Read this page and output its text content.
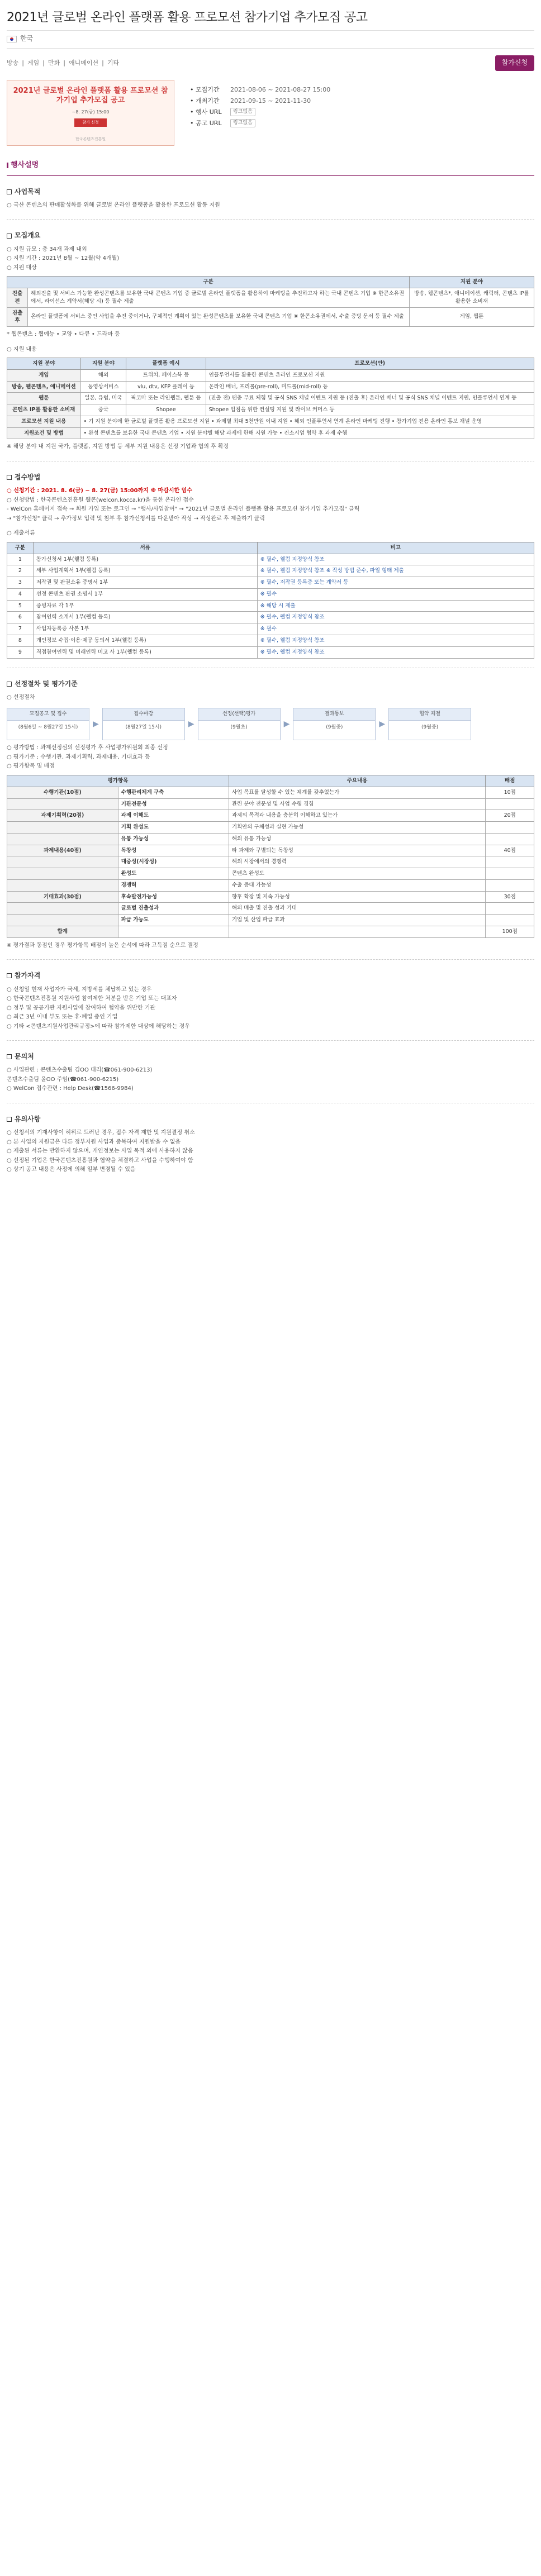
2021년 글로벌 온라인 플랫폼 활용 프로모션 참가기업 추가모집 공고
한국
방송 | 게임 | 만화 | 애니메이션 | 기타	참가신청
2021년 글로벌 온라인 플랫폼 활용 프로모션 참가기업 추가모집 공고
~8. 27(금) 15:00
참가 신청
한국콘텐츠진흥원
• 모집기간	2021-08-06 ~ 2021-08-27 15:00
• 개최기간	2021-09-15 ~ 2021-11-30
• 행사 URL	링크없음
• 공고 URL	링크없음
행사설명
사업목적
○ 국산 콘텐츠의 판매활성화를 위해 글로벌 온라인 플랫폼을 활용한 프로모션 활동 지원
모집개요
○ 지원 규모 : 총 34개 과제 내외
○ 지원 기간 : 2021년 8월 ~ 12월(약 4개월)
○ 지원 대상
구분		지원 분야
진출 전	해외진출 및 서비스 가능한 완성콘텐츠를 보유한 국내 콘텐츠 기업 중 글로벌 온라인 플랫폼을 활용하여 마케팅을 추진하고자 하는 국내 콘텐츠 기업 ※ 한콘소유권에서, 라이선스 계약서(해당 시) 등 필수 제출	방송, 웹콘텐츠*, 애니메이션, 캐릭터, 콘텐츠 IP를 활용한 소비재
진출 후	온라인 플랫폼에 서비스 중인 사업을 추진 중이거나, 구체적인 계획이 있는 완성콘텐츠를 보유한 국내 콘텐츠 기업 ※ 한콘소유권에서, 수출 증빙 문서 등 필수 제출	게임, 웹툰
* 웹콘텐츠 : 웹예능 • 교양 • 다큐 • 드라마 등
○ 지원 내용
지원 분야	지원 분야	플랫폼 예시	프로모션(안)
게임	해외	트위치, 페이스북 등	인플루언서를 활용한 콘텐츠 온라인 프로모션 지원
방송, 웹콘텐츠, 애니메이션	동영상서비스	vlu, dtv, KFP 플레이 등	온라인 배너, 프리롤(pre-roll), 미드롤(mid-roll) 등
웹툰	일본, 유럽, 미국	픽코마 또는 라인웹툰, 웹툰 등	(진출 전) 팬층 무료 체험 및 공식 SNS 채널 이벤트 지원 등 (진출 후) 온라인 배너 및 공식 SNS 채널 이벤트 지원, 인플루언서 연계 등
콘텐츠 IP를 활용한 소비재	중국	Shopee	Shopee 입점을 위한 컨설팅 지원 및 라이브 커머스 등
프로모션 지원 내용	• 기 지원 분야에 한 글로벌 플랫폼 활용 프로모션 지원 • 과제별 최대 5천만원 이내 지원 • 해외 인플루언서 연계 온라인 마케팅 진행 • 참가기업 전용 온라인 홍보 채널 운영		
지원조건 및 방법	• 완성 콘텐츠를 보유한 국내 콘텐츠 기업 • 지원 분야별 해당 과제에 한해 지원 가능 • 컨소시엄 협약 후 과제 수행		
※ 해당 분야 내 지원 국가, 플랫폼, 지원 방법 등 세부 지원 내용은 선정 기업과 협의 후 확정
접수방법
○ 신청기간 : 2021. 8. 6(금) ~ 8. 27(금) 15:00까지 ※ 마감시한 엄수
○ 신청방법 : 한국콘텐츠진흥원 웰콘(welcon.kocca.kr)을 통한 온라인 접수
- WelCon 홈페이지 접속 → 회원 가입 또는 로그인 → "행사/사업참여" → "2021년 글로벌 온라인 플랫폼 활용 프로모션 참가기업 추가모집" 클릭
→ "참가신청" 클릭 → 추가정보 입력 및 첨부 후 참가신청서를 다운받아 작성 → 작성완료 후 제출하기 클릭
○ 제출서류
구분	서류	비고
1	참가신청서 1부(웰컴 등록)	※ 필수, 웰컴 지정양식 참조
2	세부 사업계획서 1부(웰컴 등록)	※ 필수, 웰컴 지정양식 참조 ※ 작성 방법 준수, 파일 형태 제출
3	저작권 및 판권소유 증명서 1부	※ 필수, 저작권 등록증 또는 계약서 등
4	선정 콘텐츠 판권 소명서 1부	※ 필수
5	증빙자료 각 1부	※ 해당 시 제출
6	참여인력 소개서 1부(웰컴 등록)	※ 필수, 웰컴 지정양식 참조
7	사업자등록증 사본 1부	※ 필수
8	개인정보 수집·이용·제공 동의서 1부(웰컴 등록)	※ 필수, 웰컴 지정양식 참조
9	직접참여인력 및 미래인력 미고 사 1부(웰컴 등록)	※ 필수, 웰컴 지정양식 참조
선정절차 및 평가기준
○ 선정절차
모집공고 및 접수
(8월6일 ~ 8월27일 15시)	▶
접수마감
(8월27일 15시)	▶
선정(선택)평가
(9월초)	▶
결과통보
(9월중)	▶
협약 체결
(9월중)
○ 평가방법 : 과제선정심의 선정평가 후 사업평가위원회 최종 선정
○ 평가기준 : 수행기관, 과제기획력, 과제내용, 기대효과 등
○ 평가항목 및 배점
평가항목		주요내용	배점
수행기관(10점)	수행관리체계 구축	사업 목표를 달성할 수 있는 체계를 갖추었는가	10점
	기관전문성	관련 분야 전문성 및 사업 수행 경험	
과제기획력(20점)	과제 이해도	과제의 목적과 내용을 충분히 이해하고 있는가	20점
	기획 완성도	기획안의 구체성과 실현 가능성	
	유통 가능성	해외 유통 가능성	
과제내용(40점)	독창성	타 과제와 구별되는 독창성	40점
	대중성(시장성)	해외 시장에서의 경쟁력	
	완성도	콘텐츠 완성도	
	경쟁력	수출 증대 가능성	
기대효과(30점)	후속발전가능성	향후 확장 및 지속 가능성	30점
	글로벌 진출성과	해외 매출 및 진출 성과 기대	
	파급 가능도	기업 및 산업 파급 효과	
합계			100점
※ 평가결과 동점인 경우 평가항목 배점이 높은 순서에 따라 고득점 순으로 결정
참가자격
○ 신청일 현재 사업자가 국세, 지방세를 체납하고 있는 경우
○ 한국콘텐츠진흥원 지원사업 참여제한 처분을 받은 기업 또는 대표자
○ 정부 및 공공기관 지원사업에 참여하여 협약을 위반한 기관
○ 최근 3년 이내 부도 또는 휴·폐업 중인 기업
○ 기타 <콘텐츠지원사업관리규정>에 따라 참가제한 대상에 해당하는 경우
문의처
○ 사업관련 : 콘텐츠수출팀 김OO 대리(☎061-900-6213)
콘텐츠수출팀 윤OO 주임(☎061-900-6215)
○ WelCon 접수관련 : Help Desk(☎1566-9984)
유의사항
○ 신청서의 기재사항이 허위로 드러난 경우, 접수 자격 제한 및 지원결정 취소
○ 본 사업의 지원금은 다른 정부지원 사업과 중복하여 지원받을 수 없음
○ 제출된 서류는 반환하지 않으며, 개인정보는 사업 목적 외에 사용하지 않음
○ 선정된 기업은 한국콘텐츠진흥원과 협약을 체결하고 사업을 수행하여야 함
○ 상기 공고 내용은 사정에 의해 일부 변경될 수 있음
